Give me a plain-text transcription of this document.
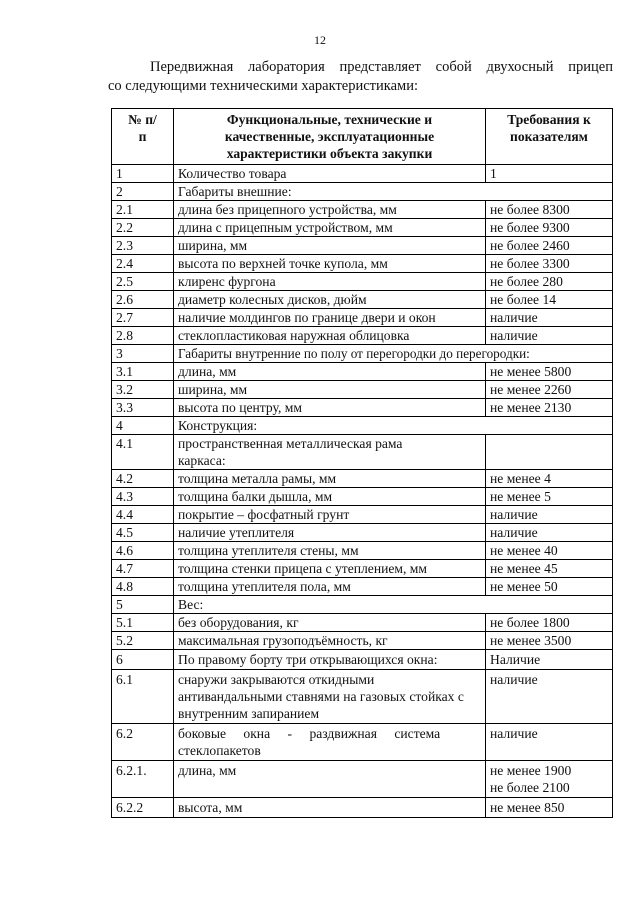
12
Передвижная лаборатория представляет собой двухосный прицеп
со следующими техническими характеристиками:
№ п/п	Функциональные, технические и качественные, эксплуатационные характеристики объекта закупки	Требования к показателям
1	Количество товара	1
2	Габариты внешние:	
2.1	длина без прицепного устройства, мм	не более 8300
2.2	длина с прицепным устройством, мм	не более 9300
2.3	ширина, мм	не более 2460
2.4	высота по верхней точке купола, мм	не более 3300
2.5	клиренс фургона	не более 280
2.6	диаметр колесных дисков, дюйм	не более 14
2.7	наличие молдингов по границе двери и окон	наличие
2.8	стеклопластиковая наружная облицовка	наличие
3	Габариты внутренние по полу от перегородки до перегородки:	
3.1	длина, мм	не менее 5800
3.2	ширина, мм	не менее 2260
3.3	высота по центру, мм	не менее 2130
4	Конструкция:	
4.1	пространственная металлическая рама каркаса:	
4.2	толщина металла рамы, мм	не менее 4
4.3	толщина балки дышла, мм	не менее 5
4.4	покрытие – фосфатный грунт	наличие
4.5	наличие утеплителя	наличие
4.6	толщина утеплителя стены, мм	не менее 40
4.7	толщина стенки прицепа с утеплением, мм	не менее 45
4.8	толщина утеплителя пола, мм	не менее 50
5	Вес:	
5.1	без оборудования, кг	не более 1800
5.2	максимальная грузоподъёмность, кг	не менее 3500
6	По правому борту три открывающихся окна:	Наличие
6.1	снаружи закрываются откидными антивандальными ставнями на газовых стойках с внутренним запиранием	наличие
6.2	боковые окна - раздвижная система стеклопакетов	наличие
6.2.1.	длина, мм	не менее 1900
не более 2100

6.2.2	высота, мм	не менее 850
